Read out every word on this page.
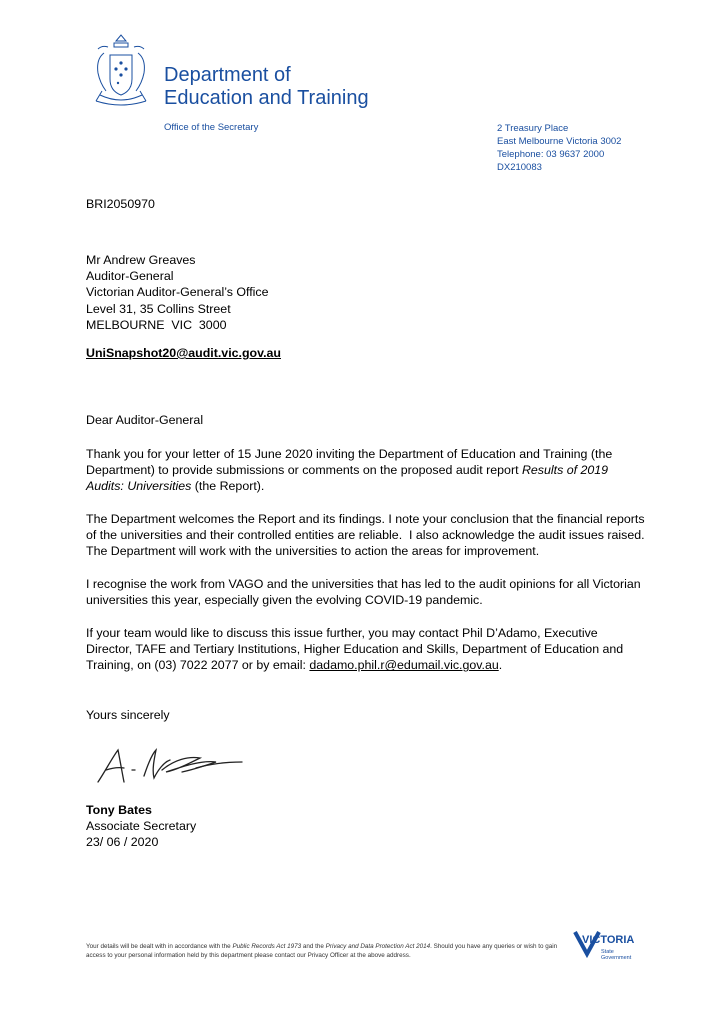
Department of
Education and Training
Office of the Secretary	2 Treasury Place
East Melbourne Victoria 3002
Telephone: 03 9637 2000
DX210083
BRI2050970
Mr Andrew Greaves
Auditor-General
Victorian Auditor-General’s Office
Level 31, 35 Collins Street
MELBOURNE  VIC  3000
UniSnapshot20@audit.vic.gov.au
Dear Auditor-General
Thank you for your letter of 15 June 2020 inviting the Department of Education and Training (the Department) to provide submissions or comments on the proposed audit report Results of 2019 Audits: Universities (the Report).
The Department welcomes the Report and its findings. I note your conclusion that the financial reports of the universities and their controlled entities are reliable.  I also acknowledge the audit issues raised.  The Department will work with the universities to action the areas for improvement.
I recognise the work from VAGO and the universities that has led to the audit opinions for all Victorian universities this year, especially given the evolving COVID-19 pandemic.
If your team would like to discuss this issue further, you may contact Phil D’Adamo, Executive Director, TAFE and Tertiary Institutions, Higher Education and Skills, Department of Education and Training, on (03) 7022 2077 or by email: dadamo.phil.r@edumail.vic.gov.au.
Yours sincerely
Tony Bates
Associate Secretary
23/ 06 / 2020
Your details will be dealt with in accordance with the Public Records Act 1973 and the Privacy and Data Protection Act 2014. Should you have any queries or wish to gain access to your personal information held by this department please contact our Privacy Officer at the above address.
VICTORIA
State
Government
